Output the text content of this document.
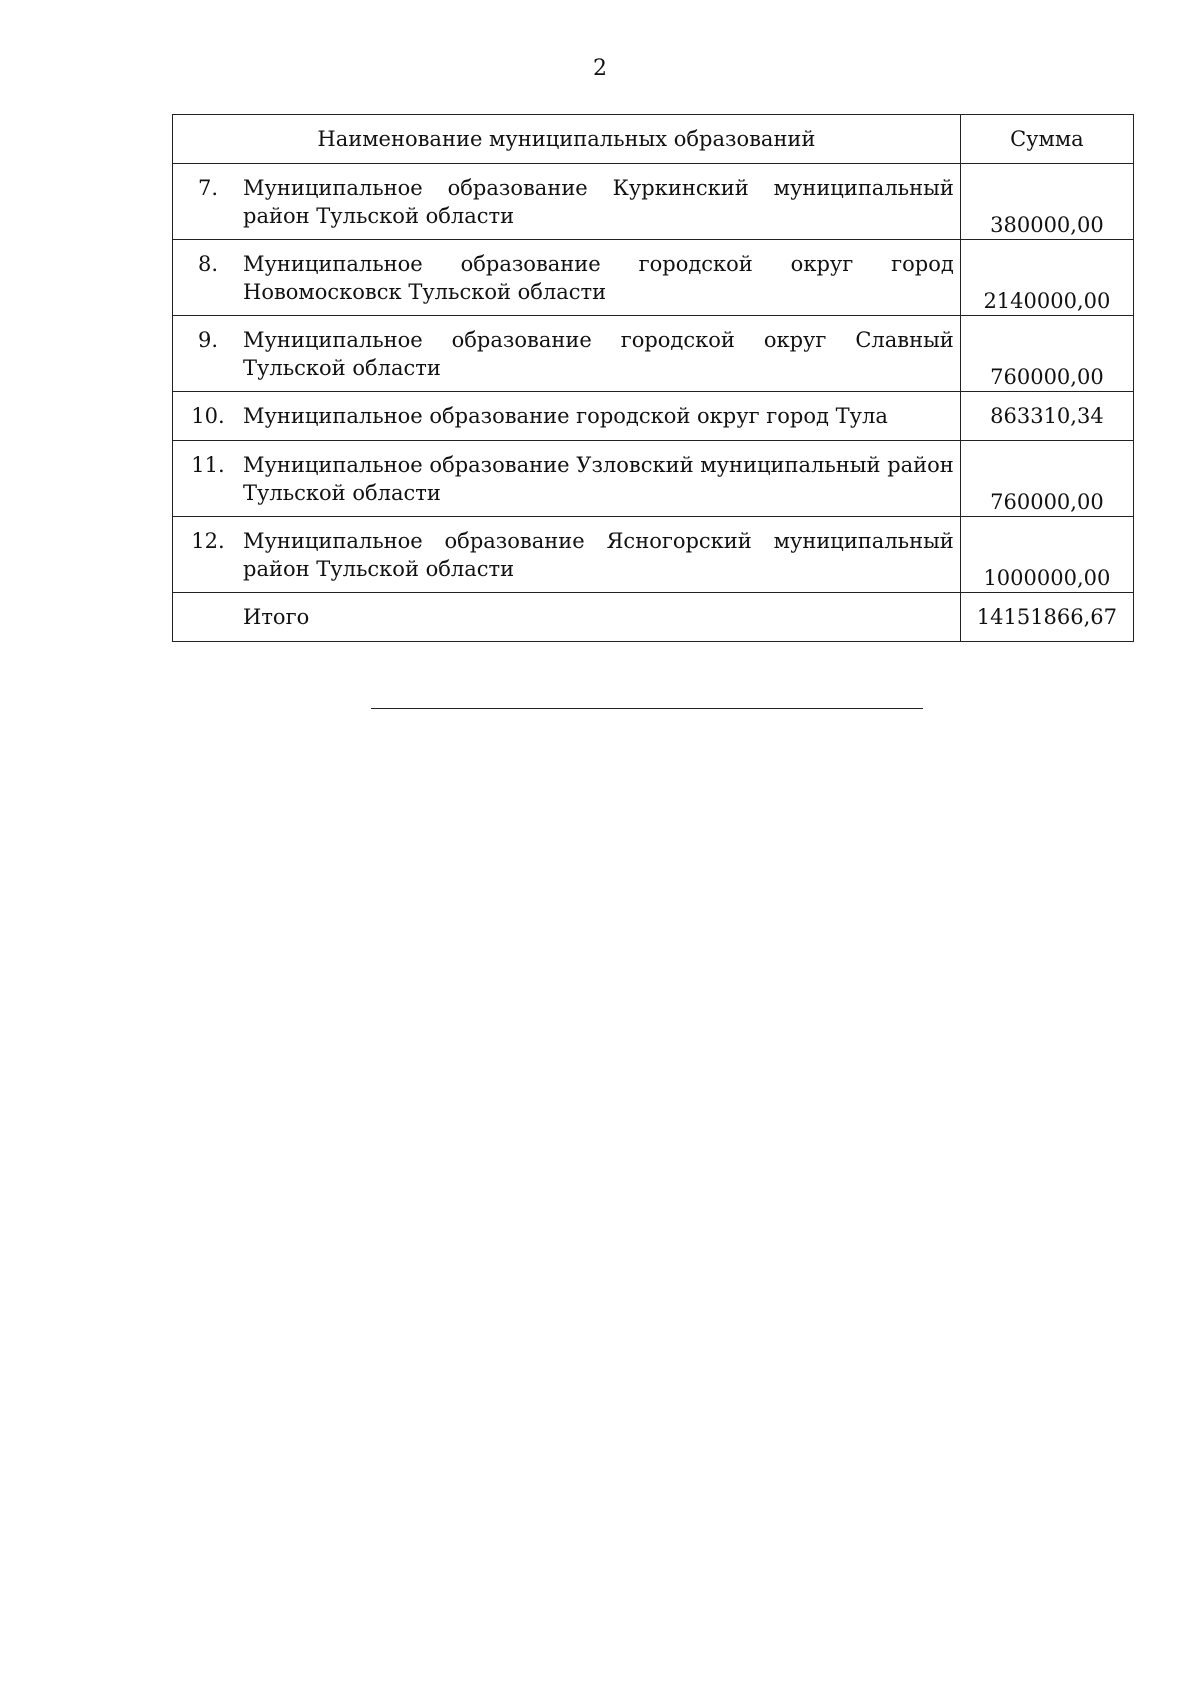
2
Наименование муниципальных образований	Сумма

7. Муниципальное образование Куркинский муниципальный район Тульской области	380000,00

8. Муниципальное образование городской округ город Новомосковск Тульской области	2140000,00

9. Муниципальное образование городской округ Славный Тульской области	760000,00

10. Муниципальное образование городской округ город Тула	863310,34

11. Муниципальное образование Узловский муниципальный район Тульской области	760000,00

12. Муниципальное образование Ясногорский муниципальный район Тульской области	1000000,00

Итого	14151866,67
